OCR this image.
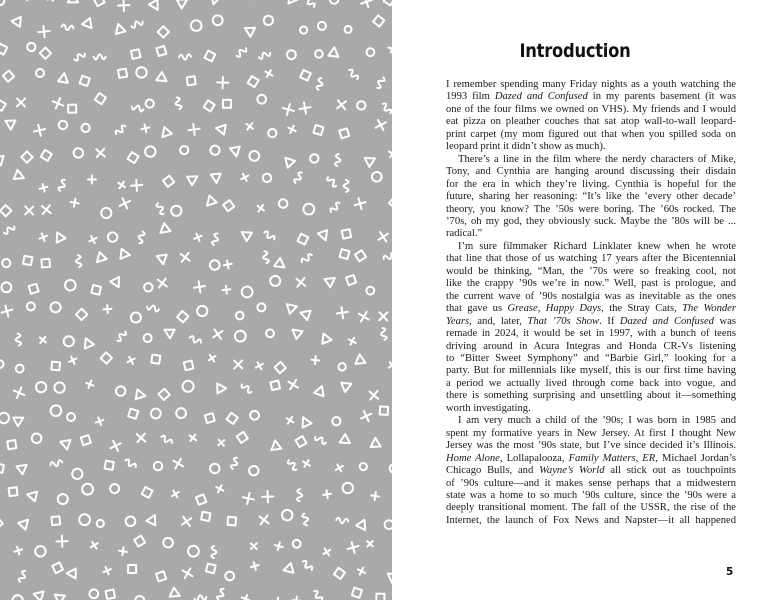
Introduction
I remember spending many Friday nights as a youth watching the
1993 film Dazed and Confused in my parents basement (it was
one of the four films we owned on VHS). My friends and I would
eat pizza on pleather couches that sat atop wall-to-wall leopard-
print carpet (my mom figured out that when you spilled soda on
leopard print it didn’t show as much).
There’s a line in the film where the nerdy characters of Mike,
Tony, and Cynthia are hanging around discussing their disdain
for the era in which they’re living. Cynthia is hopeful for the
future, sharing her reasoning: “It’s like the ‘every other decade’
theory, you know? The ’50s were boring. The ’60s rocked. The
’70s, oh my god, they obviously suck. Maybe the ’80s will be ...
radical.”
I’m sure filmmaker Richard Linklater knew when he wrote
that line that those of us watching 17 years after the Bicentennial
would be thinking, “Man, the ’70s were so freaking cool, not
like the crappy ’90s we’re in now.” Well, past is prologue, and
the current wave of ’90s nostalgia was as inevitable as the ones
that gave us Grease, Happy Days, the Stray Cats, The Wonder
Years, and, later, That ’70s Show. If Dazed and Confused was
remade in 2024, it would be set in 1997, with a bunch of teens
driving around in Acura Integras and Honda CR-Vs listening
to “Bitter Sweet Symphony” and “Barbie Girl,” looking for a
party. But for millennials like myself, this is our first time having
a period we actually lived through come back into vogue, and
there is something surprising and unsettling about it—something
worth investigating.
I am very much a child of the ’90s; I was born in 1985 and
spent my formative years in New Jersey. At first I thought New
Jersey was the most ’90s state, but I’ve since decided it’s Illinois.
Home Alone, Lollapalooza, Family Matters, ER, Michael Jordan’s
Chicago Bulls, and Wayne’s World all stick out as touchpoints
of ’90s culture—and it makes sense perhaps that a midwestern
state was a home to so much ’90s culture, since the ’90s were a
deeply transitional moment. The fall of the USSR, the rise of the
Internet, the launch of Fox News and Napster—it all happened
5
